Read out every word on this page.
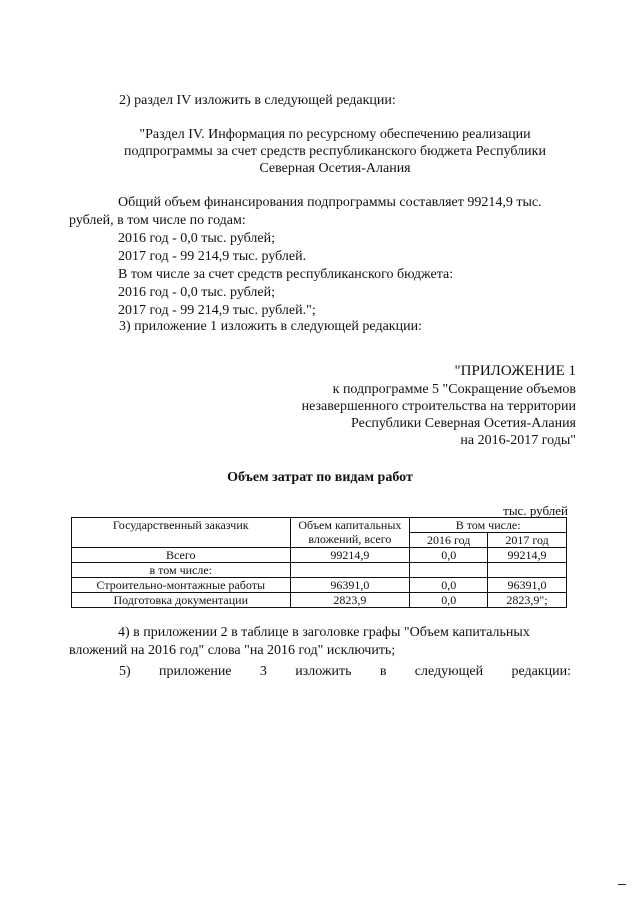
2) раздел IV изложить в следующей редакции:
"Раздел IV. Информация по ресурсному обеспечению реализации
подпрограммы за счет средств республиканского бюджета Республики
Северная Осетия-Алания
Общий объем финансирования подпрограммы составляет 99214,9 тыс.
рублей, в том числе по годам:
2016 год - 0,0 тыс. рублей;
2017 год - 99 214,9 тыс. рублей.
В том числе за счет средств республиканского бюджета:
2016 год - 0,0 тыс. рублей;
2017 год - 99 214,9 тыс. рублей.";
3) приложение 1 изложить в следующей редакции:
"ПРИЛОЖЕНИЕ 1
к подпрограмме 5 "Сокращение объемов
незавершенного строительства на территории
Республики Северная Осетия-Алания
на 2016-2017 годы"
Объем затрат по видам работ
тыс. рублей
Государственный заказчик	Объем капитальных вложений, всего	В том числе:	
		2016 год	2017 год
Всего	99214,9	0,0	99214,9
в том числе:			
Строительно-монтажные работы	96391,0	0,0	96391,0
Подготовка документации	2823,9	0,0	2823,9";
4) в приложении 2 в таблице в заголовке графы "Объем капитальных
вложений на 2016 год" слова "на 2016 год" исключить;
5) приложение 3 изложить в следующей редакции:
